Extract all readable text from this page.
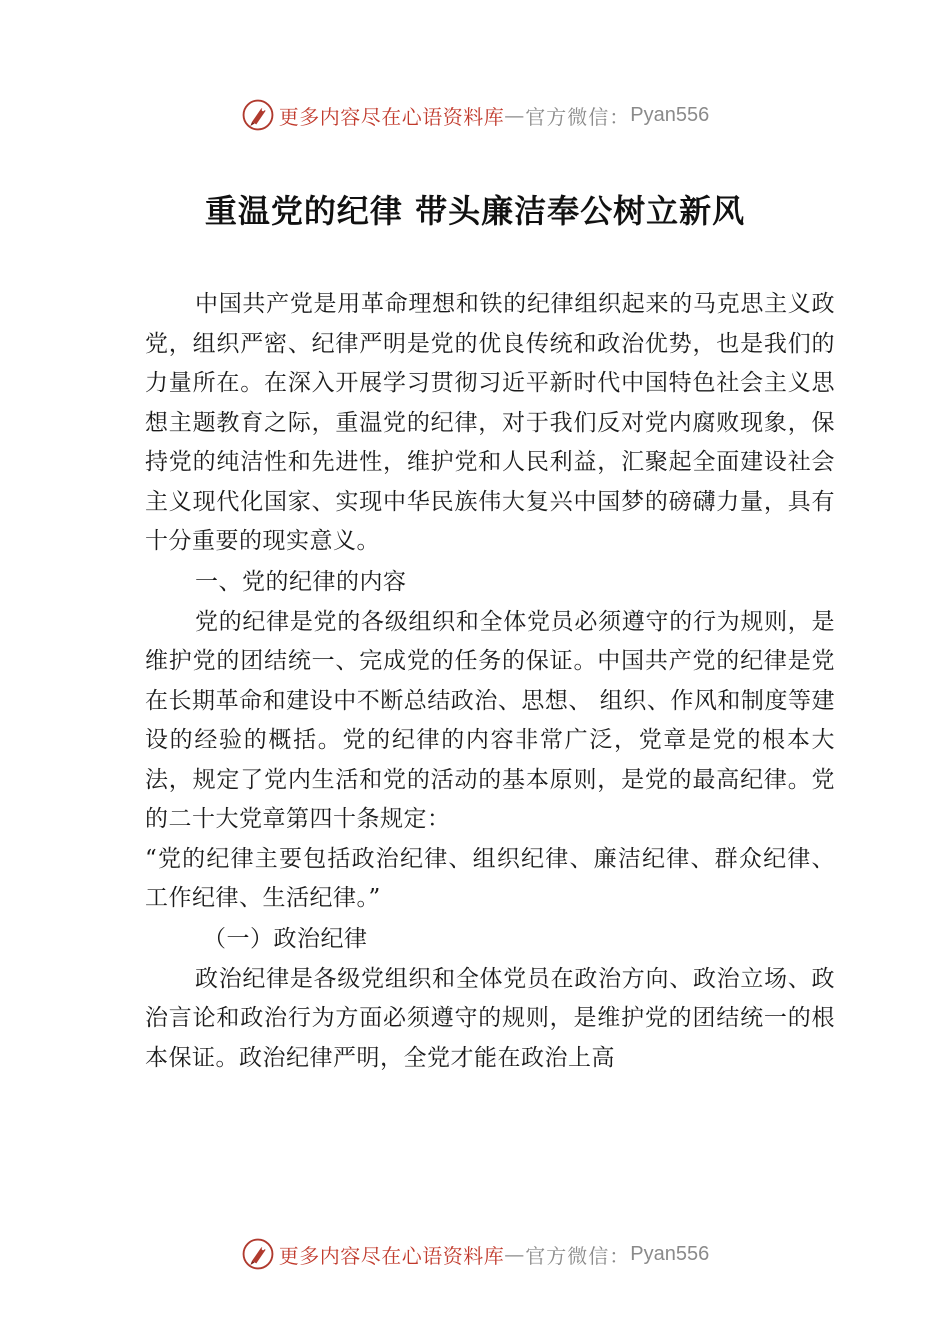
更多内容尽在心语资料库 — 官方微信： Pyan556
重温党的纪律 带头廉洁奉公树立新风

中国共产党是用革命理想和铁的纪律组织起来的马克思主义政党，组织严密、纪律严明是党的优良传统和政治优势，也是我们的力量所在。在深入开展学习贯彻习近平新时代中国特色社会主义思想主题教育之际，重温党的纪律，对于我们反对党内腐败现象，保持党的纯洁性和先进性，维护党和人民利益，汇聚起全面建设社会主义现代化国家、实现中华民族伟大复兴中国梦的磅礴力量，具有十分重要的现实意义。

一、党的纪律的内容

党的纪律是党的各级组织和全体党员必须遵守的行为规则，是维护党的团结统一、完成党的任务的保证。中国共产党的纪律是党在长期革命和建设中不断总结政治、思想、 组织、作风和制度等建设的经验的概括。党的纪律的内容非常广泛，党章是党的根本大法，规定了党内生活和党的活动的基本原则，是党的最高纪律。党的二十大党章第四十条规定：
“党的纪律主要包括政治纪律、组织纪律、廉洁纪律、群众纪律、工作纪律、生活纪律。”

（一）政治纪律

政治纪律是各级党组织和全体党员在政治方向、政治立场、政治言论和政治行为方面必须遵守的规则，是维护党的团结统一的根本保证。政治纪律严明，全党才能在政治上高

更多内容尽在心语资料库 — 官方微信： Pyan556
